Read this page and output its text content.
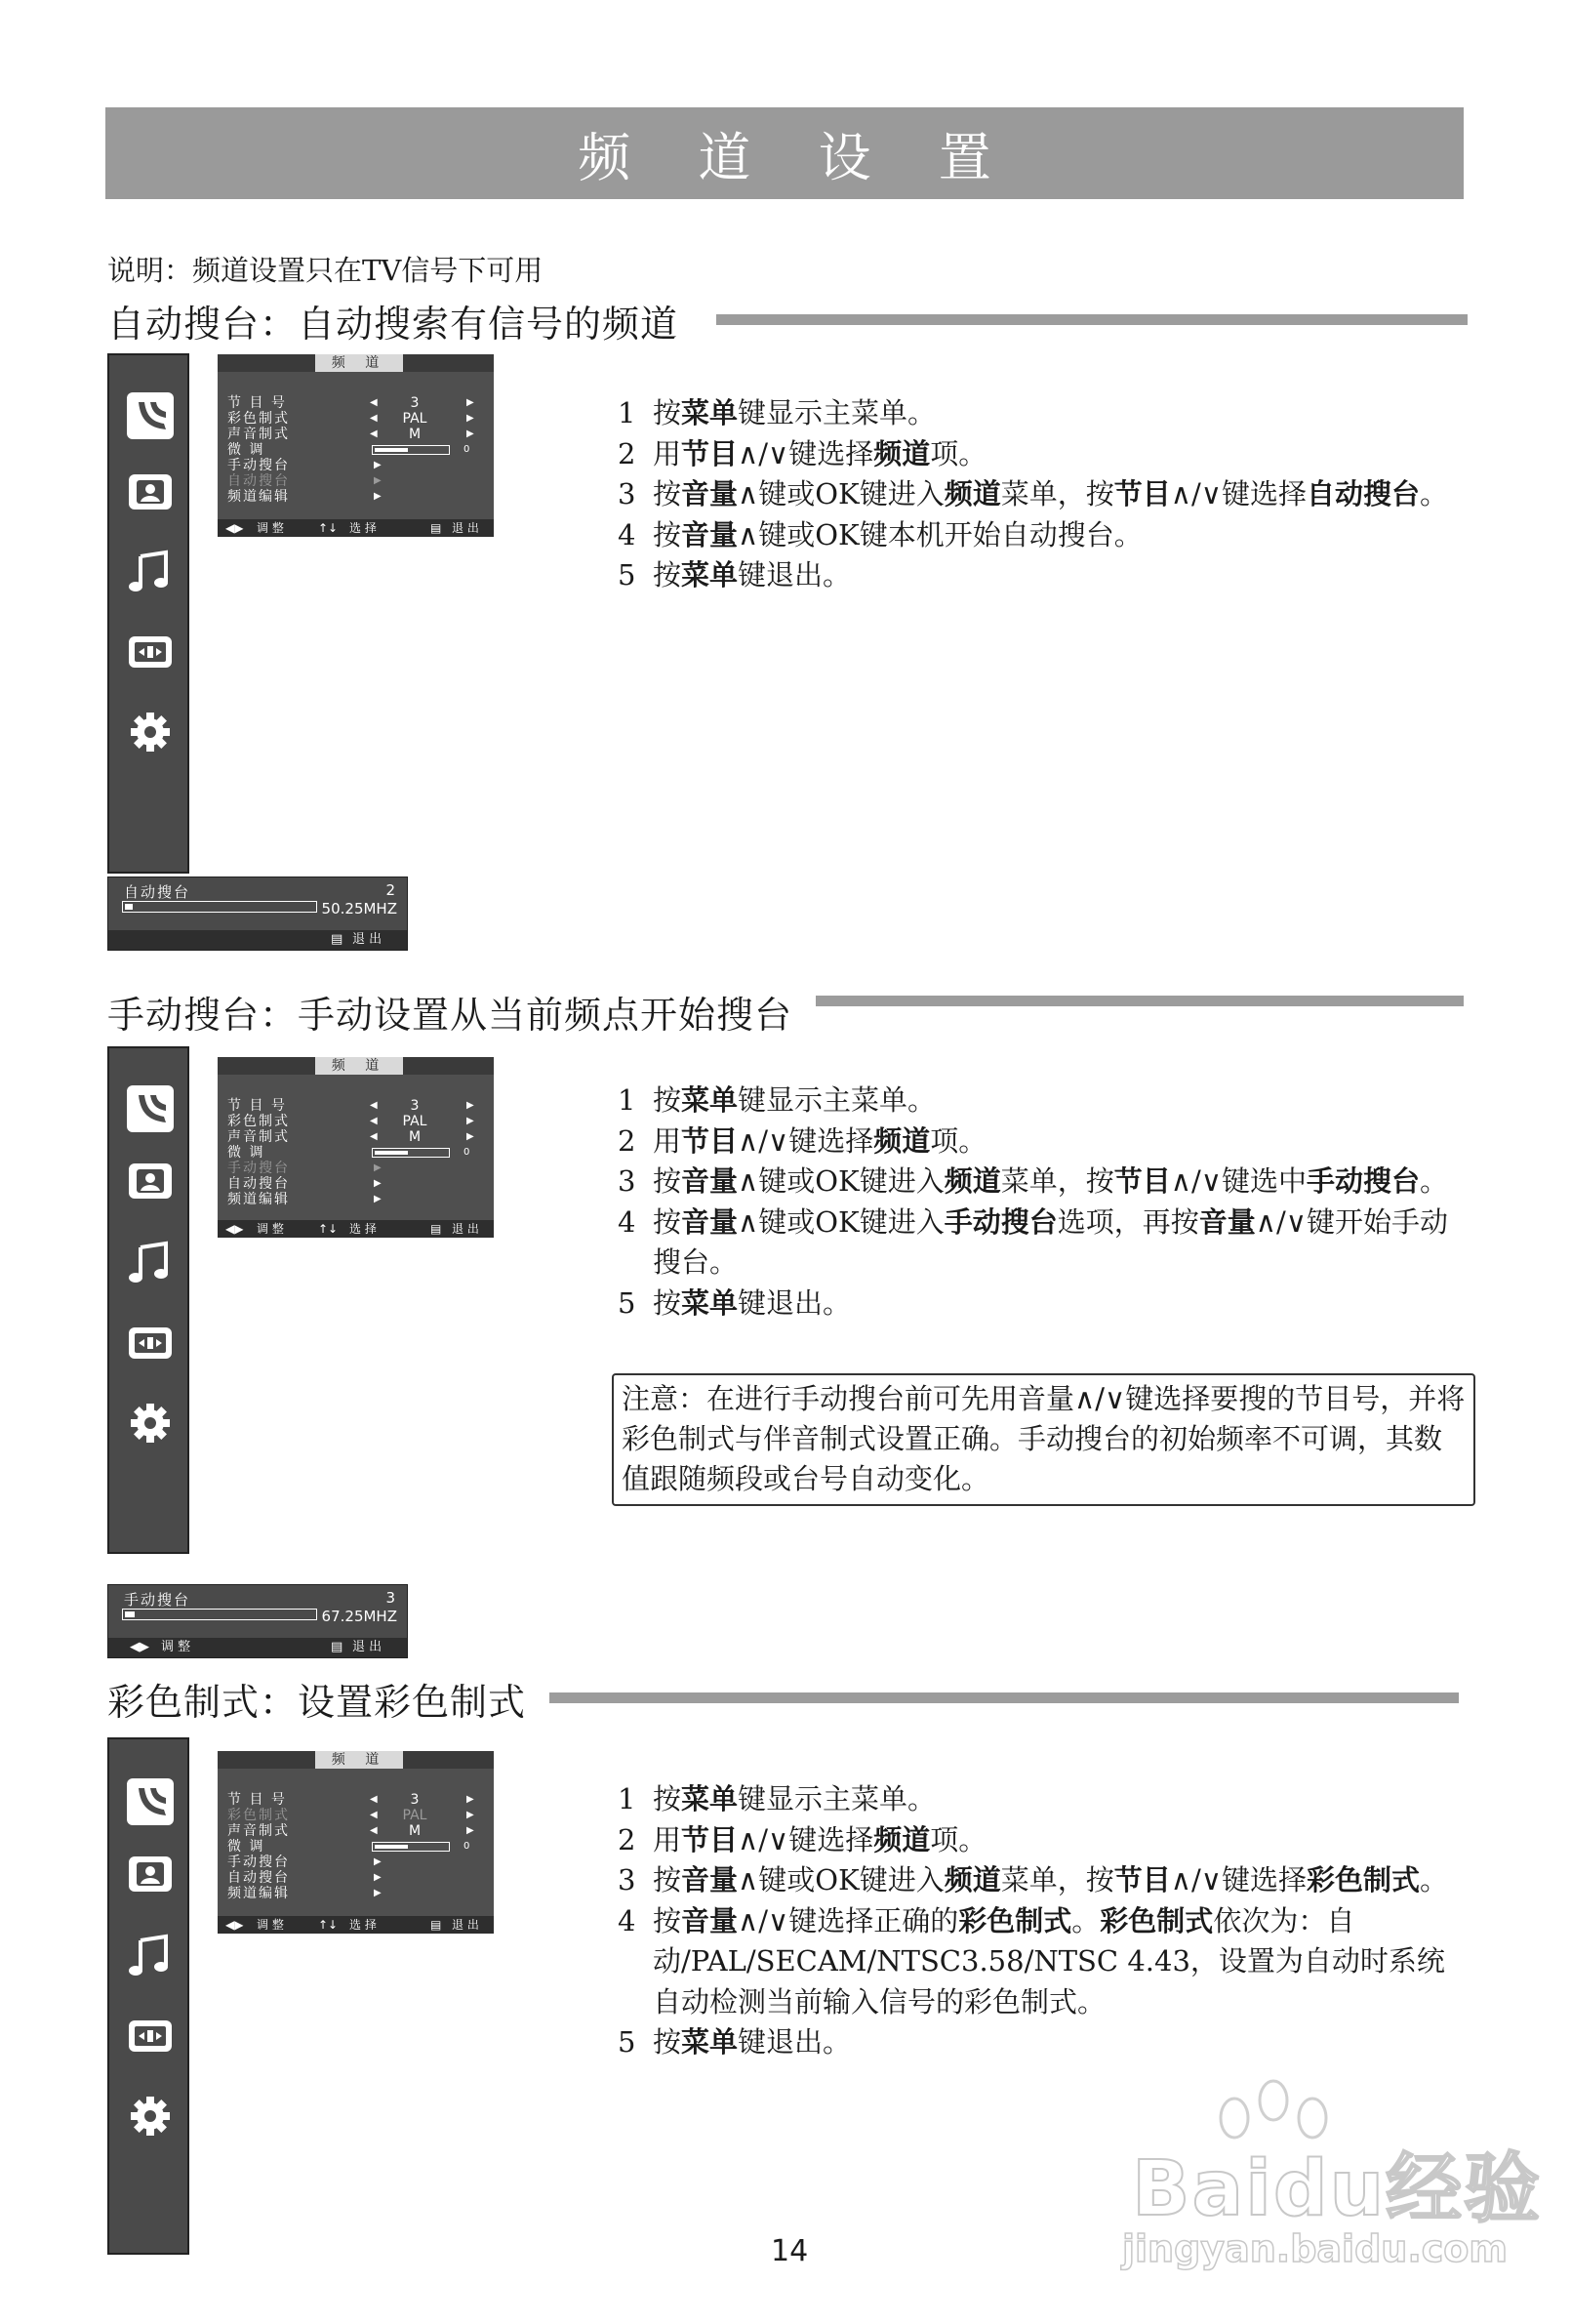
频 道 设 置
说明：频道设置只在TV信号下可用
自动搜台：自动搜索有信号的频道
频 道
节 目 号	◀	3	▶
彩色制式	◀	PAL	▶
声音制式	◀	M	▶
微 调	0
手动搜台	▶
自动搜台	▶
频道编辑	▶
◀▶ 调 整	↑↓ 选 择	▤ 退 出
自动搜台	2
50.25MHZ
▤ 退 出
1 按菜单键显示主菜单。
2 用节目∧/∨键选择频道项。
3 按音量∧键或OK键进入频道菜单，按节目∧/∨键选择自动搜台。
4 按音量∧键或OK键本机开始自动搜台。
5 按菜单键退出。
手动搜台：手动设置从当前频点开始搜台
频 道
节 目 号	◀	3	▶
彩色制式	◀	PAL	▶
声音制式	◀	M	▶
微 调	0
手动搜台	▶
自动搜台	▶
频道编辑	▶
◀▶ 调 整	↑↓ 选 择	▤ 退 出
手动搜台	3
67.25MHZ
◀▶ 调 整	▤ 退 出
1 按菜单键显示主菜单。
2 用节目∧/∨键选择频道项。
3 按音量∧键或OK键进入频道菜单，按节目∧/∨键选中手动搜台。
4 按音量∧键或OK键进入手动搜台选项，再按音量∧/∨键开始手动搜台。
5 按菜单键退出。
注意：在进行手动搜台前可先用音量∧/∨键选择要搜的节目号，并将彩色制式与伴音制式设置正确。手动搜台的初始频率不可调，其数值跟随频段或台号自动变化。
彩色制式：设置彩色制式
频 道
节 目 号	◀	3	▶
彩色制式	◀	PAL	▶
声音制式	◀	M	▶
微 调	0
手动搜台	▶
自动搜台	▶
频道编辑	▶
◀▶ 调 整	↑↓ 选 择	▤ 退 出
1 按菜单键显示主菜单。
2 用节目∧/∨键选择频道项。
3 按音量∧键或OK键进入频道菜单，按节目∧/∨键选择彩色制式。
4 按音量∧/∨键选择正确的彩色制式。彩色制式依次为：自动/PAL/SECAM/NTSC3.58/NTSC 4.43，设置为自动时系统自动检测当前输入信号的彩色制式。
5 按菜单键退出。
14
Baidu经验
jingyan.baidu.com
